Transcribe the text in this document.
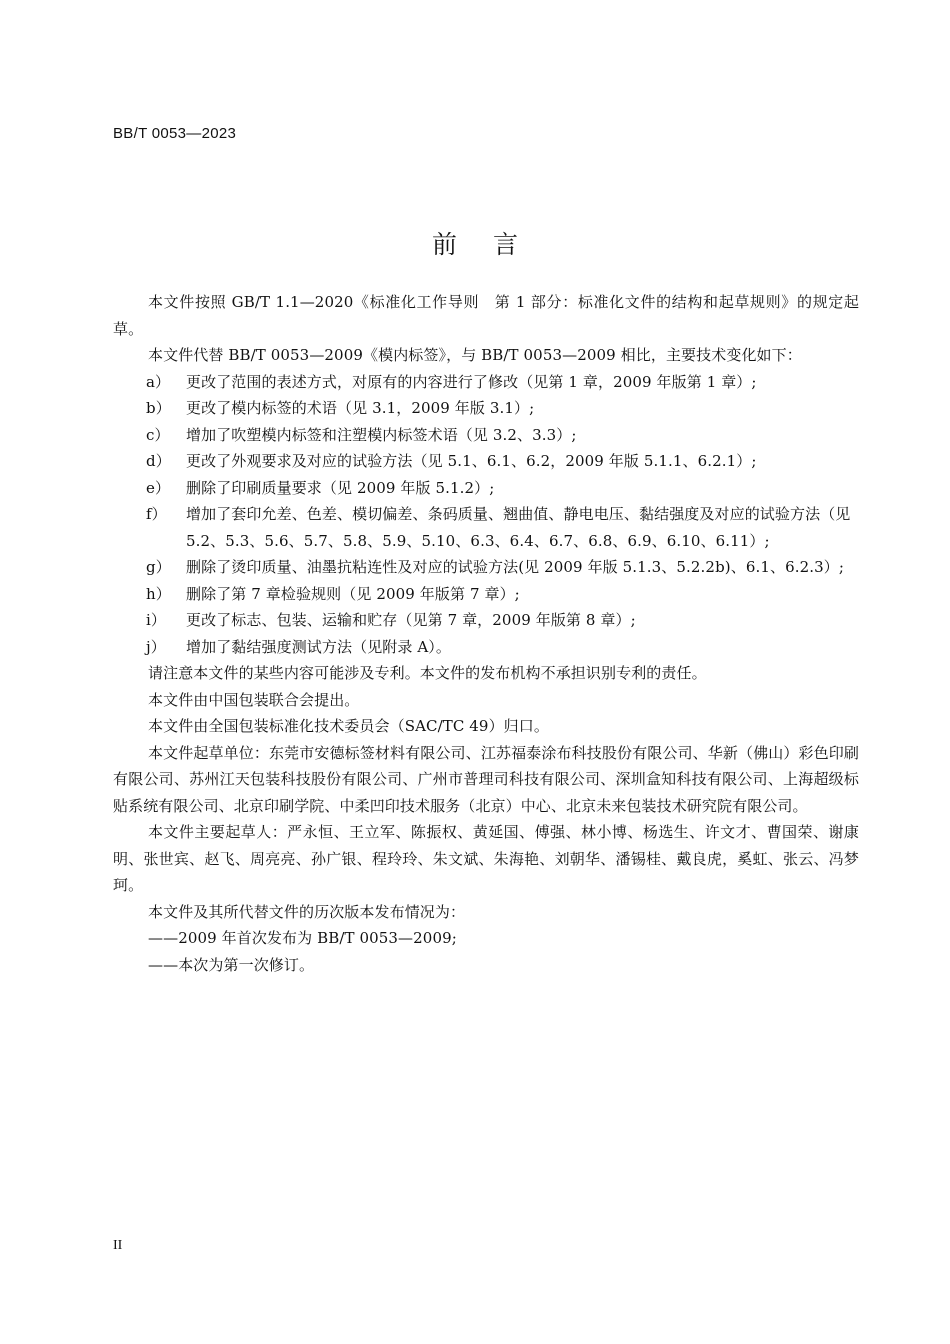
BB/T 0053—2023
前言

本文件按照 GB/T 1.1—2020《标准化工作导则　第 1 部分：标准化文件的结构和起草规则》的规定起草。

本文件代替 BB/T 0053—2009《模内标签》，与 BB/T 0053—2009 相比，主要技术变化如下：

a）	更改了范围的表述方式，对原有的内容进行了修改（见第 1 章，2009 年版第 1 章）;
b）	更改了模内标签的术语（见 3.1，2009 年版 3.1）;
c）	增加了吹塑模内标签和注塑模内标签术语（见 3.2、3.3）;
d）	更改了外观要求及对应的试验方法（见 5.1、6.1、6.2，2009 年版 5.1.1、6.2.1）;
e）	删除了印刷质量要求（见 2009 年版 5.1.2）;
f）	增加了套印允差、色差、模切偏差、条码质量、翘曲值、静电电压、黏结强度及对应的试验方法（见 5.2、5.3、5.6、5.7、5.8、5.9、5.10、6.3、6.4、6.7、6.8、6.9、6.10、6.11）;
g）	删除了烫印质量、油墨抗粘连性及对应的试验方法(见 2009 年版 5.1.3、5.2.2b)、6.1、6.2.3）;
h）	删除了第 7 章检验规则（见 2009 年版第 7 章）;
i）	更改了标志、包装、运输和贮存（见第 7 章，2009 年版第 8 章）;
j）	增加了黏结强度测试方法（见附录 A）。

请注意本文件的某些内容可能涉及专利。本文件的发布机构不承担识别专利的责任。

本文件由中国包装联合会提出。

本文件由全国包装标准化技术委员会（SAC/TC 49）归口。

本文件起草单位：东莞市安德标签材料有限公司、江苏福泰涂布科技股份有限公司、华新（佛山）彩色印刷有限公司、苏州江天包装科技股份有限公司、广州市普理司科技有限公司、深圳盒知科技有限公司、上海超级标贴系统有限公司、北京印刷学院、中柔凹印技术服务（北京）中心、北京未来包装技术研究院有限公司。

本文件主要起草人：严永恒、王立军、陈振权、黄延国、傅强、林小博、杨选生、许文才、曹国荣、谢康明、张世宾、赵飞、周亮亮、孙广银、程玲玲、朱文斌、朱海艳、刘朝华、潘锡桂、戴良虎，奚虹、张云、冯梦珂。

本文件及其所代替文件的历次版本发布情况为：

——2009 年首次发布为 BB/T 0053—2009;

——本次为第一次修订。

II
